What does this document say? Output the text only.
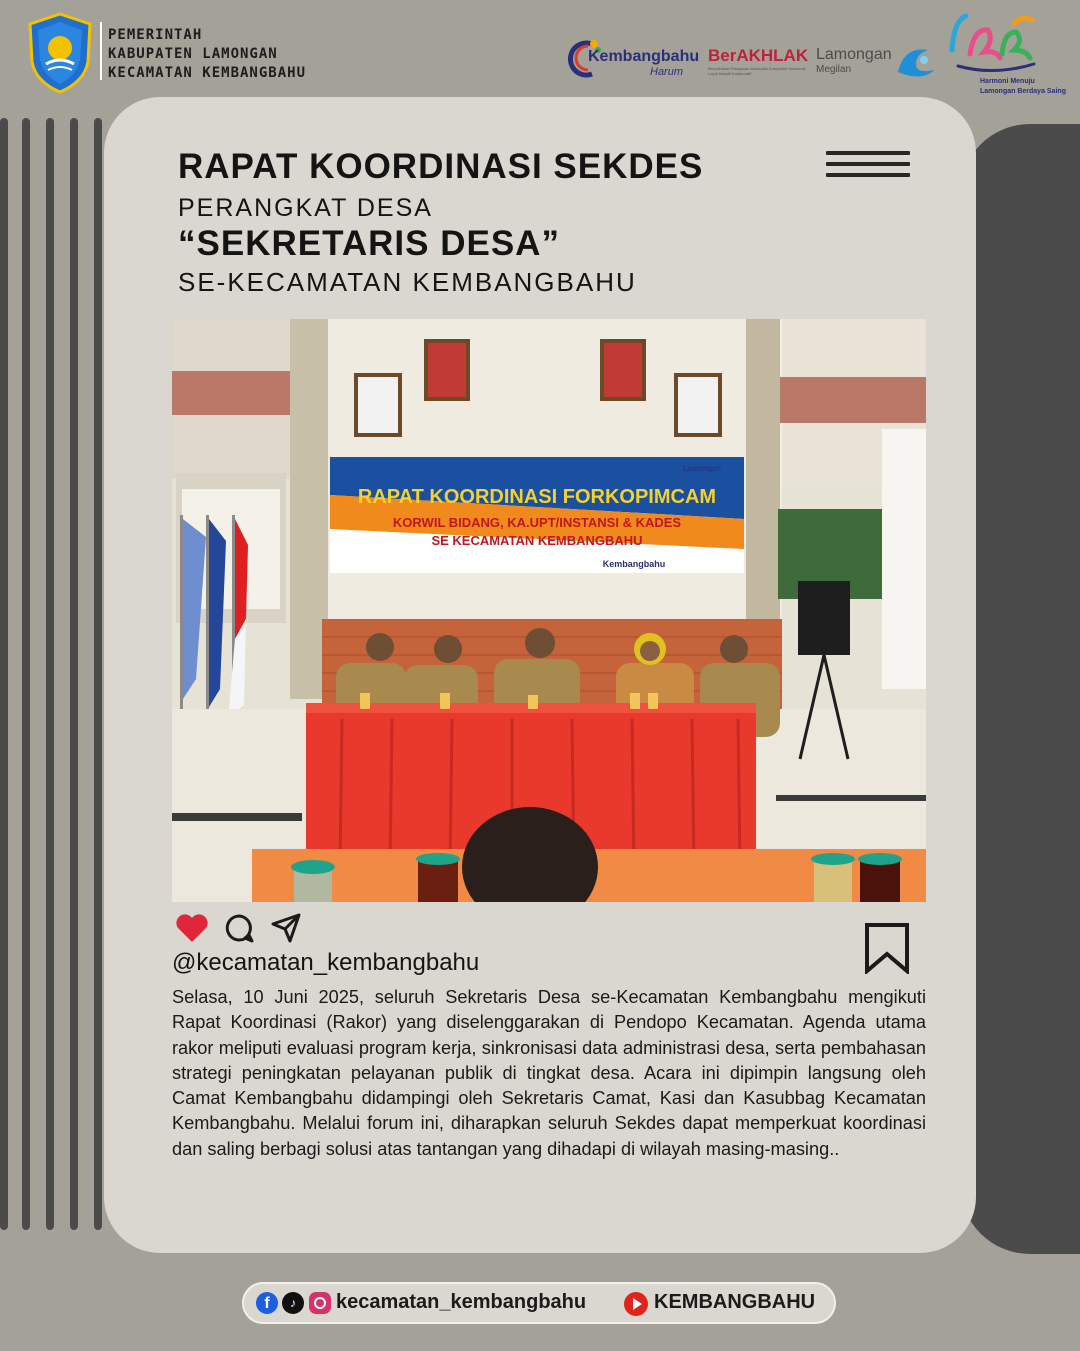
PEMERINTAH
KABUPATEN LAMONGAN
KECAMATAN KEMBANGBAHU
Kembangbahu
Harum
BerAKHLAK
Berorientasi Pelayanan Akuntabel Kompeten Harmonis Loyal Adaptif Kolaboratif
Lamongan
Megilan
Harmoni Menuju
Lamongan Berdaya Saing
RAPAT KOORDINASI SEKDES
PERANGKAT DESA
“SEKRETARIS DESA”
SE-KECAMATAN KEMBANGBAHU
RAPAT KOORDINASI FORKOPIMCAM
KORWIL BIDANG, KA.UPT/INSTANSI & KADES
SE KECAMATAN KEMBANGBAHU
Kembangbahu
Lamongan
@kecamatan_kembangbahu
Selasa, 10 Juni 2025, seluruh Sekretaris Desa se-Kecamatan Kembangbahu mengikuti Rapat Koordinasi (Rakor) yang diselenggarakan di Pendopo Kecamatan. Agenda utama rakor meliputi evaluasi program kerja, sinkronisasi data administrasi desa, serta pembahasan strategi peningkatan pelayanan publik di tingkat desa. Acara ini dipimpin langsung oleh Camat Kembangbahu didampingi oleh Sekretaris Camat, Kasi dan Kasubbag Kecamatan Kembangbahu. Melalui forum ini, diharapkan seluruh Sekdes dapat memperkuat koordinasi dan saling berbagi solusi atas tantangan yang dihadapi di wilayah masing-masing..
f	♪	kecamatan_kembangbahu	KEMBANGBAHU
